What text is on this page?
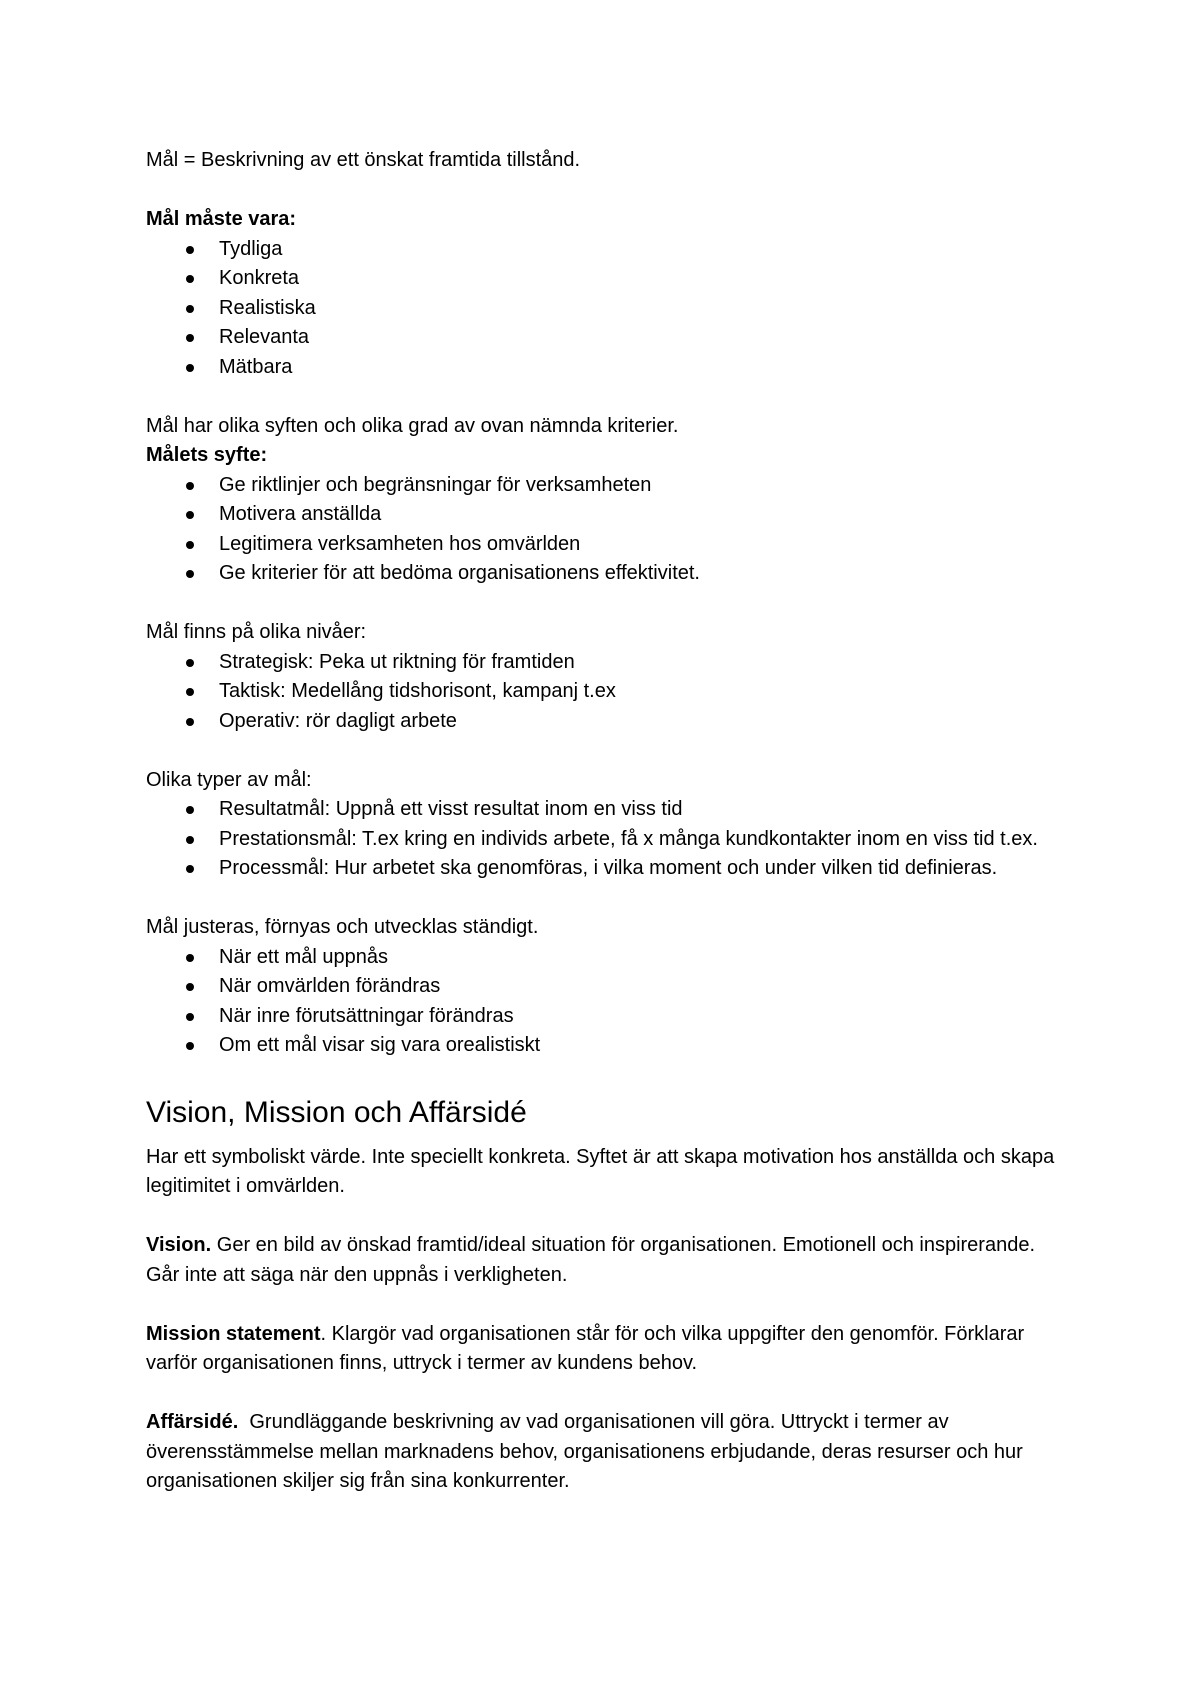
Mål = Beskrivning av ett önskat framtida tillstånd.

Mål måste vara:

Tydliga
Konkreta
Realistiska
Relevanta
Mätbara

Mål har olika syften och olika grad av ovan nämnda kriterier.

Målets syfte:

Ge riktlinjer och begränsningar för verksamheten
Motivera anställda
Legitimera verksamheten hos omvärlden
Ge kriterier för att bedöma organisationens effektivitet.

Mål finns på olika nivåer:

Strategisk: Peka ut riktning för framtiden
Taktisk: Medellång tidshorisont, kampanj t.ex
Operativ: rör dagligt arbete

Olika typer av mål:

Resultatmål: Uppnå ett visst resultat inom en viss tid
Prestationsmål: T.ex kring en individs arbete, få x många kundkontakter inom en viss tid t.ex.
Processmål: Hur arbetet ska genomföras, i vilka moment och under vilken tid definieras.

Mål justeras, förnyas och utvecklas ständigt.

När ett mål uppnås
När omvärlden förändras
När inre förutsättningar förändras
Om ett mål visar sig vara orealistiskt
Vision, Mission och Affärsidé

Har ett symboliskt värde. Inte speciellt konkreta. Syftet är att skapa motivation hos anställda och skapa legitimitet i omvärlden.

Vision. Ger en bild av önskad framtid/ideal situation för organisationen. Emotionell och inspirerande. Går inte att säga när den uppnås i verkligheten.

Mission statement. Klargör vad organisationen står för och vilka uppgifter den genomför. Förklarar varför organisationen finns, uttryck i termer av kundens behov.

Affärsidé.  Grundläggande beskrivning av vad organisationen vill göra. Uttryckt i termer av överensstämmelse mellan marknadens behov, organisationens erbjudande, deras resurser och hur organisationen skiljer sig från sina konkurrenter.
